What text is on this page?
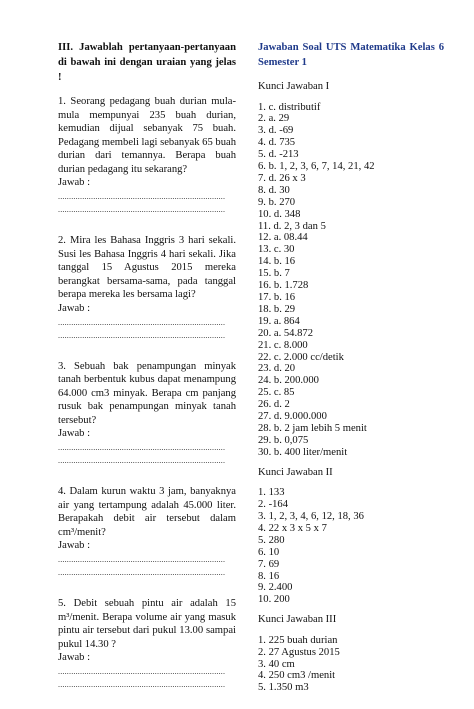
III. Jawablah pertanyaan-pertanyaan di bawah ini dengan uraian yang jelas !

1. Seorang pedagang buah durian mula-mula mempunyai 235 buah durian, kemudian dijual sebanyak 75 buah. Pedagang membeli lagi sebanyak 65 buah durian dari temannya. Berapa buah durian pedagang itu sekarang?

Jawab :

............................................................................

............................................................................

2. Mira les Bahasa Inggris 3 hari sekali. Susi les Bahasa Inggris 4 hari sekali. Jika tanggal 15 Agustus 2015 mereka berangkat bersama-sama, pada tanggal berapa mereka les bersama lagi?

Jawab :

............................................................................

............................................................................

3. Sebuah bak penampungan minyak tanah berbentuk kubus dapat menampung 64.000 cm3 minyak. Berapa cm panjang rusuk bak penampungan minyak tanah tersebut?

Jawab :

............................................................................

............................................................................

4. Dalam kurun waktu 3 jam, banyaknya air yang tertampung adalah 45.000 liter. Berapakah debit air tersebut dalam cm³/menit?

Jawab :

............................................................................

............................................................................

5. Debit sebuah pintu air adalah 15 m³/menit. Berapa volume air yang masuk pintu air tersebut dari pukul 13.00 sampai pukul 14.30 ?

Jawab :

............................................................................

............................................................................

Jawaban Soal UTS Matematika Kelas 6 Semester 1

Kunci Jawaban I

1. c. distributif

2. a. 29

3. d. -69

4. d. 735

5. d. -213

6. b. 1, 2, 3, 6, 7, 14, 21, 42

7. d. 26 x 3

8. d. 30

9. b. 270

10. d. 348

11. d. 2, 3 dan 5

12. a. 08.44

13. c. 30

14. b. 16

15. b. 7

16. b. 1.728

17. b. 16

18. b. 29

19. a. 864

20. a. 54.872

21. c. 8.000

22. c. 2.000 cc/detik

23. d. 20

24. b. 200.000

25. c. 85

26. d. 2

27. d. 9.000.000

28. b. 2 jam lebih 5 menit

29. b. 0,075

30. b. 400 liter/menit

Kunci Jawaban II

1. 133

2. -164

3. 1, 2, 3, 4, 6, 12, 18, 36

4. 22 x 3 x 5 x 7

5. 280

6. 10

7. 69

8. 16

9. 2.400

10. 200

Kunci Jawaban III

1. 225 buah durian

2. 27 Agustus 2015

3. 40 cm

4. 250 cm3 /menit

5. 1.350 m3
